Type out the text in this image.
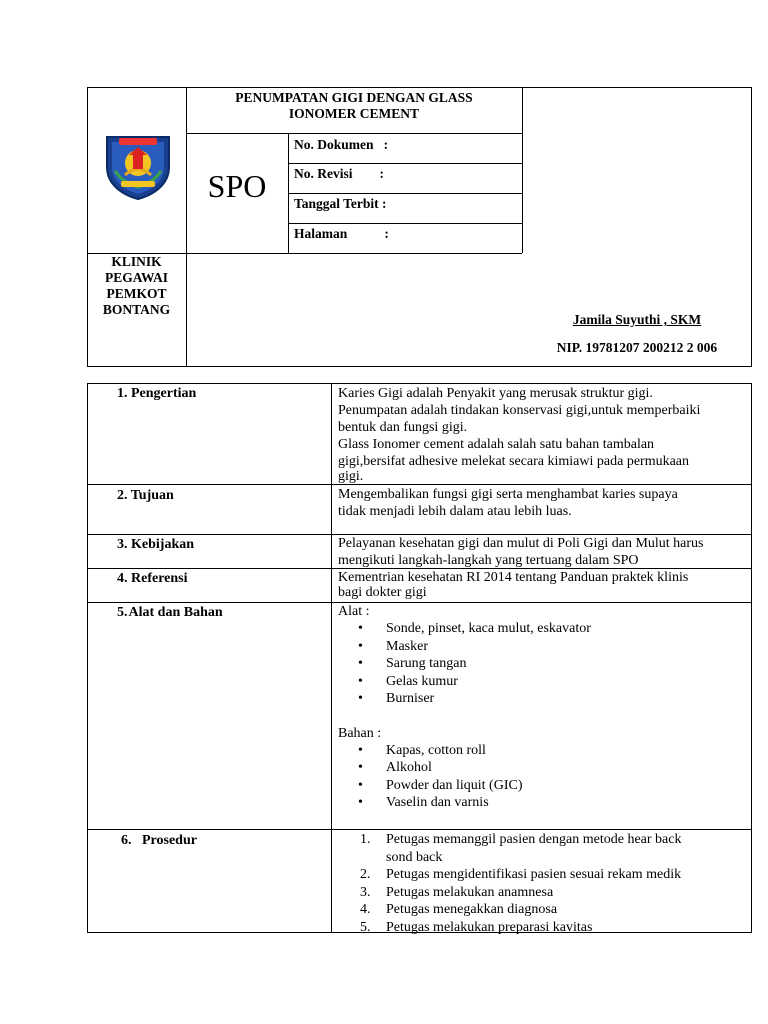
PENUMPATAN GIGI DENGAN GLASS
IONOMER CEMENT
SPO
No. Dokumen   :
No. Revisi        :
Tanggal Terbit :
Halaman           :
KLINIK
PEGAWAI
PEMKOT
BONTANG
Jamila Suyuthi , SKM
NIP. 19781207 200212 2 006
1. Pengertian	Karies Gigi adalah Penyakit yang merusak struktur gigi.
Penumpatan adalah tindakan konservasi gigi,untuk memperbaiki
bentuk dan fungsi gigi.
Glass Ionomer cement adalah salah satu bahan tambalan
gigi,bersifat adhesive melekat secara kimiawi pada permukaan
gigi.
2. Tujuan	Mengembalikan fungsi gigi serta menghambat karies supaya
tidak menjadi lebih dalam atau lebih luas.
3. Kebijakan	Pelayanan kesehatan gigi dan mulut di Poli Gigi dan Mulut harus
mengikuti langkah-langkah yang tertuang dalam SPO
4. Referensi	Kementrian kesehatan RI 2014 tentang Panduan praktek klinis
bagi dokter gigi
5.Alat dan Bahan	Alat :
• Sonde, pinset, kaca mulut, eskavator
• Masker
• Sarung tangan
• Gelas kumur
• Burniser
Bahan :
• Kapas, cotton roll
• Alkohol
• Powder dan liquit (GIC)
• Vaselin dan varnis
6.   Prosedur	1. Petugas memanggil pasien dengan metode hear back
sond back
2. Petugas mengidentifikasi pasien sesuai rekam medik
3. Petugas melakukan anamnesa
4. Petugas menegakkan diagnosa
5. Petugas melakukan preparasi kavitas
